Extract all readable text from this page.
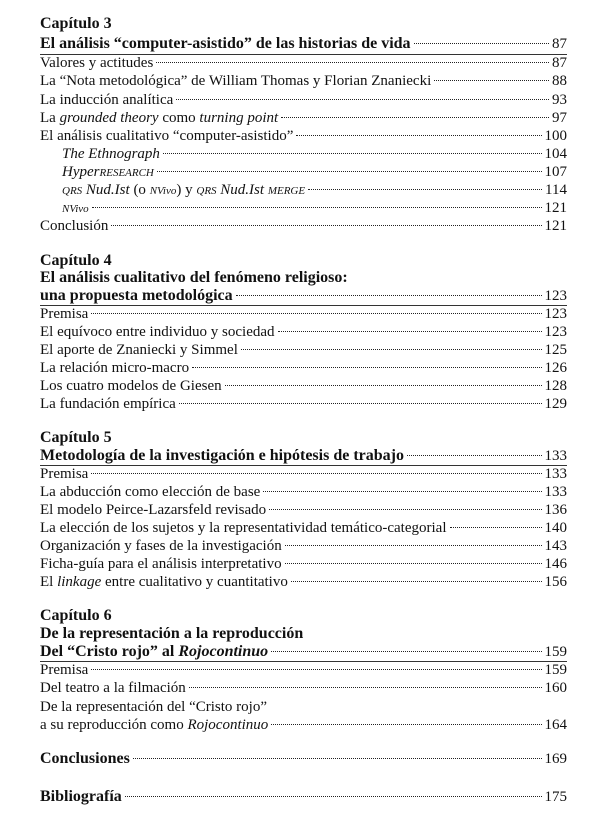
Capítulo 3
El análisis “computer-asistido” de las historias de vida	87
Valores y actitudes	87
La “Nota metodológica” de William Thomas y Florian Znaniecki	88
La inducción analítica	93
La grounded theory como turning point	97
El análisis cualitativo “computer-asistido”	100
The Ethnograph	104
HyperRESEARCH	107
QRS Nud.Ist (o NVivo) y QRS Nud.Ist MERGE	114
NVivo	121
Conclusión	121
Capítulo 4
El análisis cualitativo del fenómeno religioso:
una propuesta metodológica	123
Premisa	123
El equívoco entre individuo y sociedad	123
El aporte de Znaniecki y Simmel	125
La relación micro-macro	126
Los cuatro modelos de Giesen	128
La fundación empírica	129
Capítulo 5
Metodología de la investigación e hipótesis de trabajo	133
Premisa	133
La abducción como elección de base	133
El modelo Peirce-Lazarsfeld revisado	136
La elección de los sujetos y la representatividad temático-categorial	140
Organización y fases de la investigación	143
Ficha-guía para el análisis interpretativo	146
El linkage entre cualitativo y cuantitativo	156
Capítulo 6
De la representación a la reproducción
Del “Cristo rojo” al Rojocontinuo	159
Premisa	159
Del teatro a la filmación	160
De la representación del “Cristo rojo”
a su reproducción como Rojocontinuo	164
Conclusiones	169
Bibliografía	175
